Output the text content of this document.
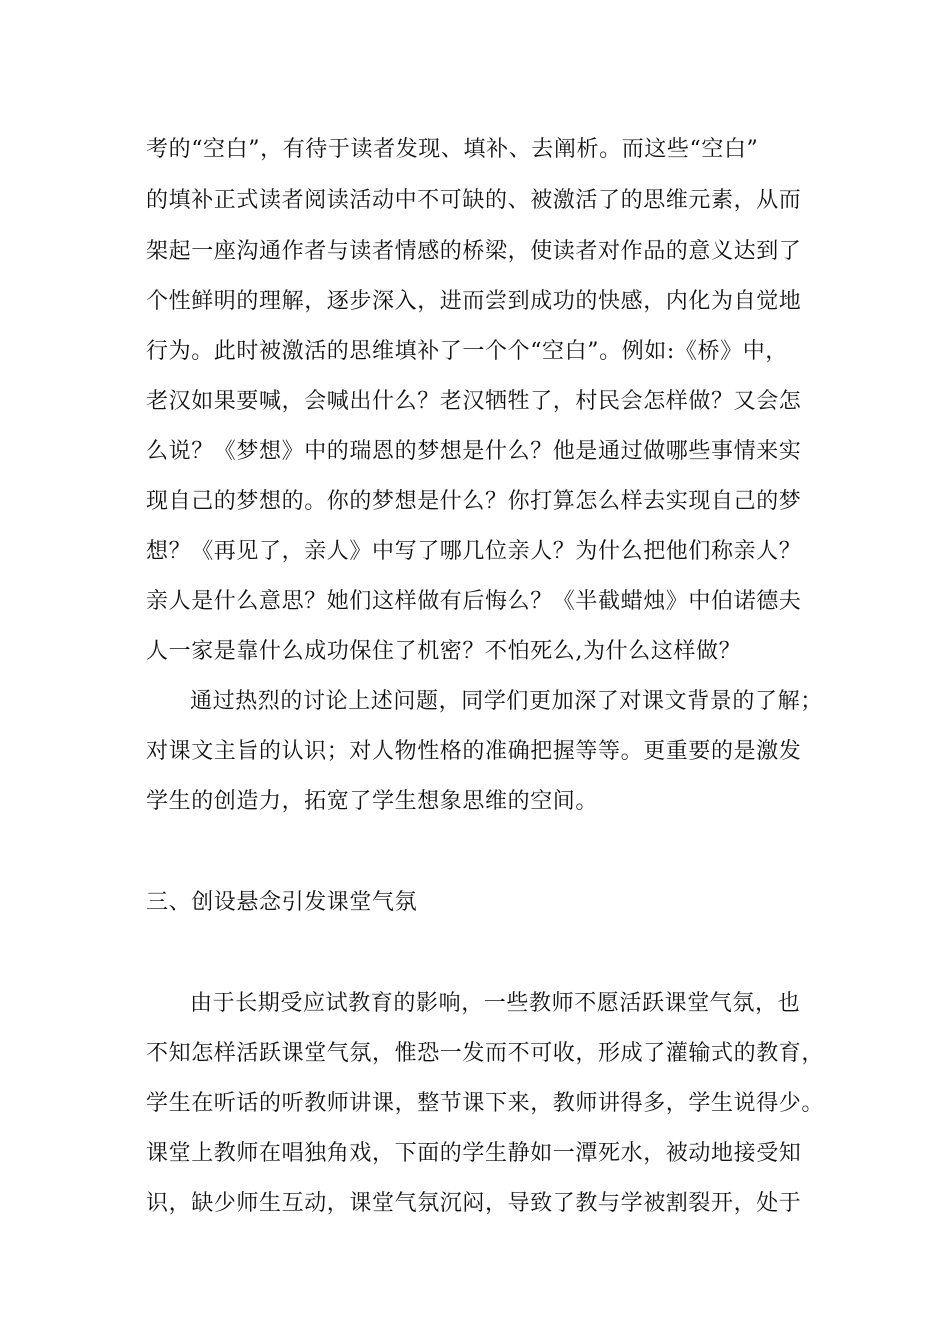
考的“空白”，有待于读者发现、填补、去阐析。而这些“空白”
的填补正式读者阅读活动中不可缺的、被激活了的思维元素，从而
架起一座沟通作者与读者情感的桥梁，使读者对作品的意义达到了
个性鲜明的理解，逐步深入，进而尝到成功的快感，内化为自觉地
行为。此时被激活的思维填补了一个个“空白”。例如:《桥》中，
老汉如果要喊，会喊出什么？老汉牺牲了，村民会怎样做？又会怎
么说？《梦想》中的瑞恩的梦想是什么？他是通过做哪些事情来实
现自己的梦想的。你的梦想是什么？你打算怎么样去实现自己的梦
想？《再见了，亲人》中写了哪几位亲人？为什么把他们称亲人？
亲人是什么意思？她们这样做有后悔么？《半截蜡烛》中伯诺德夫
人一家是靠什么成功保住了机密？不怕死么,为什么这样做？
通过热烈的讨论上述问题，同学们更加深了对课文背景的了解；
对课文主旨的认识；对人物性格的准确把握等等。更重要的是激发
学生的创造力，拓宽了学生想象思维的空间。
三、创设悬念引发课堂气氛
由于长期受应试教育的影响，一些教师不愿活跃课堂气氛，也
不知怎样活跃课堂气氛，惟恐一发而不可收，形成了灌输式的教育，
学生在听话的听教师讲课，整节课下来，教师讲得多，学生说得少。
课堂上教师在唱独角戏，下面的学生静如一潭死水，被动地接受知
识，缺少师生互动，课堂气氛沉闷，导致了教与学被割裂开，处于
